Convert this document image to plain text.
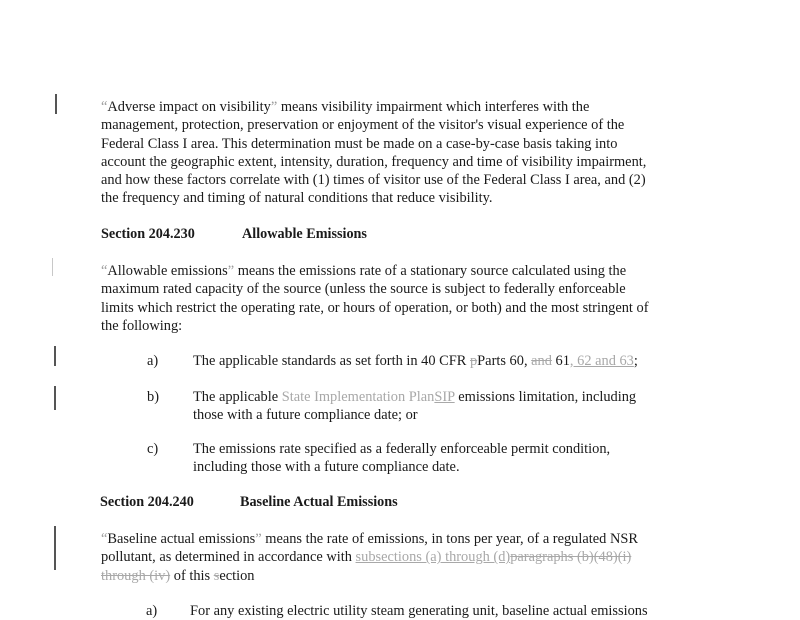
“Adverse impact on visibility” means visibility impairment which interferes with the
management, protection, preservation or enjoyment of the visitor's visual experience of the
Federal Class I area. This determination must be made on a case-by-case basis taking into
account the geographic extent, intensity, duration, frequency and time of visibility impairment,
and how these factors correlate with (1) times of visitor use of the Federal Class I area, and (2)
the frequency and timing of natural conditions that reduce visibility.
Section 204.230	Allowable Emissions
“Allowable emissions” means the emissions rate of a stationary source calculated using the
maximum rated capacity of the source (unless the source is subject to federally enforceable
limits which restrict the operating rate, or hours of operation, or both) and the most stringent of
the following:
a) The applicable standards as set forth in 40 CFR pParts 60, and 61, 62 and 63;
b) The applicable State Implementation PlanSIP emissions limitation, including
those with a future compliance date; or
c) The emissions rate specified as a federally enforceable permit condition,
including those with a future compliance date.
Section 204.240	Baseline Actual Emissions
“Baseline actual emissions” means the rate of emissions, in tons per year, of a regulated NSR
pollutant, as determined in accordance with subsections (a) through (d)paragraphs (b)(48)(i)
through (iv) of this section
a) For any existing electric utility steam generating unit, baseline actual emissions
